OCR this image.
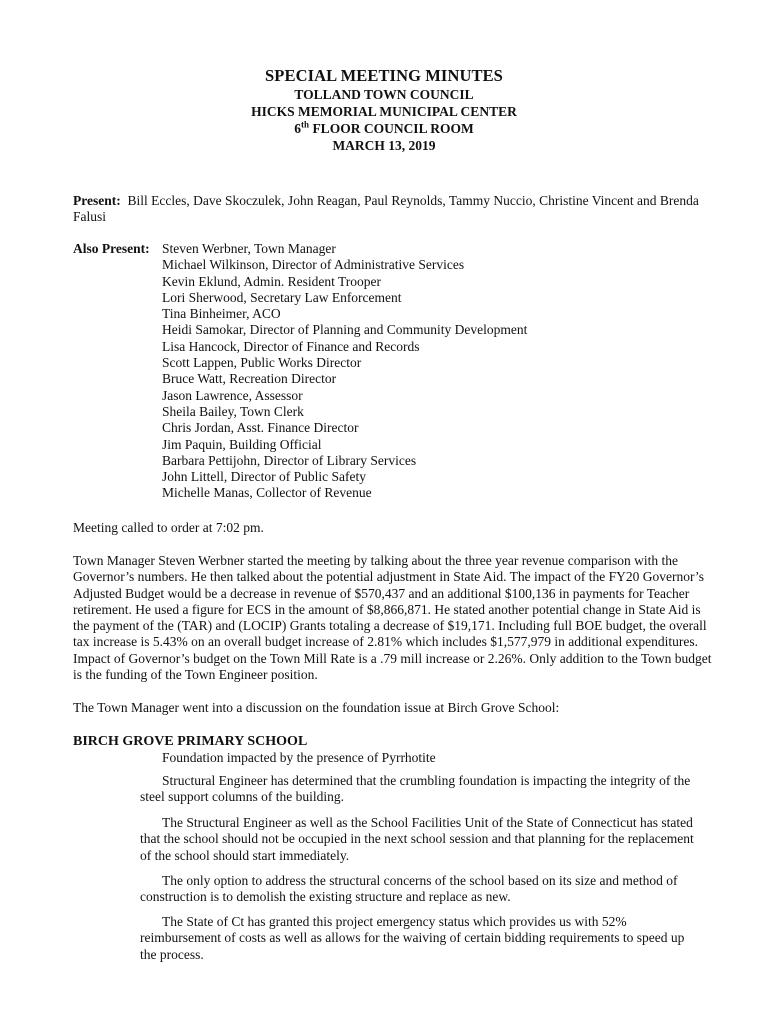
SPECIAL MEETING MINUTES
TOLLAND TOWN COUNCIL
HICKS MEMORIAL MUNICIPAL CENTER
6th FLOOR COUNCIL ROOM
MARCH 13, 2019
Present: Bill Eccles, Dave Skoczulek, John Reagan, Paul Reynolds, Tammy Nuccio, Christine Vincent and Brenda Falusi
Also Present: Steven Werbner, Town Manager
Michael Wilkinson, Director of Administrative Services
Kevin Eklund, Admin. Resident Trooper
Lori Sherwood, Secretary Law Enforcement
Tina Binheimer, ACO
Heidi Samokar, Director of Planning and Community Development
Lisa Hancock, Director of Finance and Records
Scott Lappen, Public Works Director
Bruce Watt, Recreation Director
Jason Lawrence, Assessor
Sheila Bailey, Town Clerk
Chris Jordan, Asst. Finance Director
Jim Paquin, Building Official
Barbara Pettijohn, Director of Library Services
John Littell, Director of Public Safety
Michelle Manas, Collector of Revenue
Meeting called to order at 7:02 pm.
Town Manager Steven Werbner started the meeting by talking about the three year revenue comparison with the Governor’s numbers. He then talked about the potential adjustment in State Aid. The impact of the FY20 Governor’s Adjusted Budget would be a decrease in revenue of $570,437 and an additional $100,136 in payments for Teacher retirement. He used a figure for ECS in the amount of $8,866,871. He stated another potential change in State Aid is the payment of the (TAR) and (LOCIP) Grants totaling a decrease of $19,171. Including full BOE budget, the overall tax increase is 5.43% on an overall budget increase of 2.81% which includes $1,577,979 in additional expenditures. Impact of Governor’s budget on the Town Mill Rate is a .79 mill increase or 2.26%. Only addition to the Town budget is the funding of the Town Engineer position.
The Town Manager went into a discussion on the foundation issue at Birch Grove School:
BIRCH GROVE PRIMARY SCHOOL
Foundation impacted by the presence of Pyrrhotite
Structural Engineer has determined that the crumbling foundation is impacting the integrity of the steel support columns of the building.
The Structural Engineer as well as the School Facilities Unit of the State of Connecticut has stated that the school should not be occupied in the next school session and that planning for the replacement of the school should start immediately.
The only option to address the structural concerns of the school based on its size and method of construction is to demolish the existing structure and replace as new.
The State of Ct has granted this project emergency status which provides us with 52% reimbursement of costs as well as allows for the waiving of certain bidding requirements to speed up the process.
